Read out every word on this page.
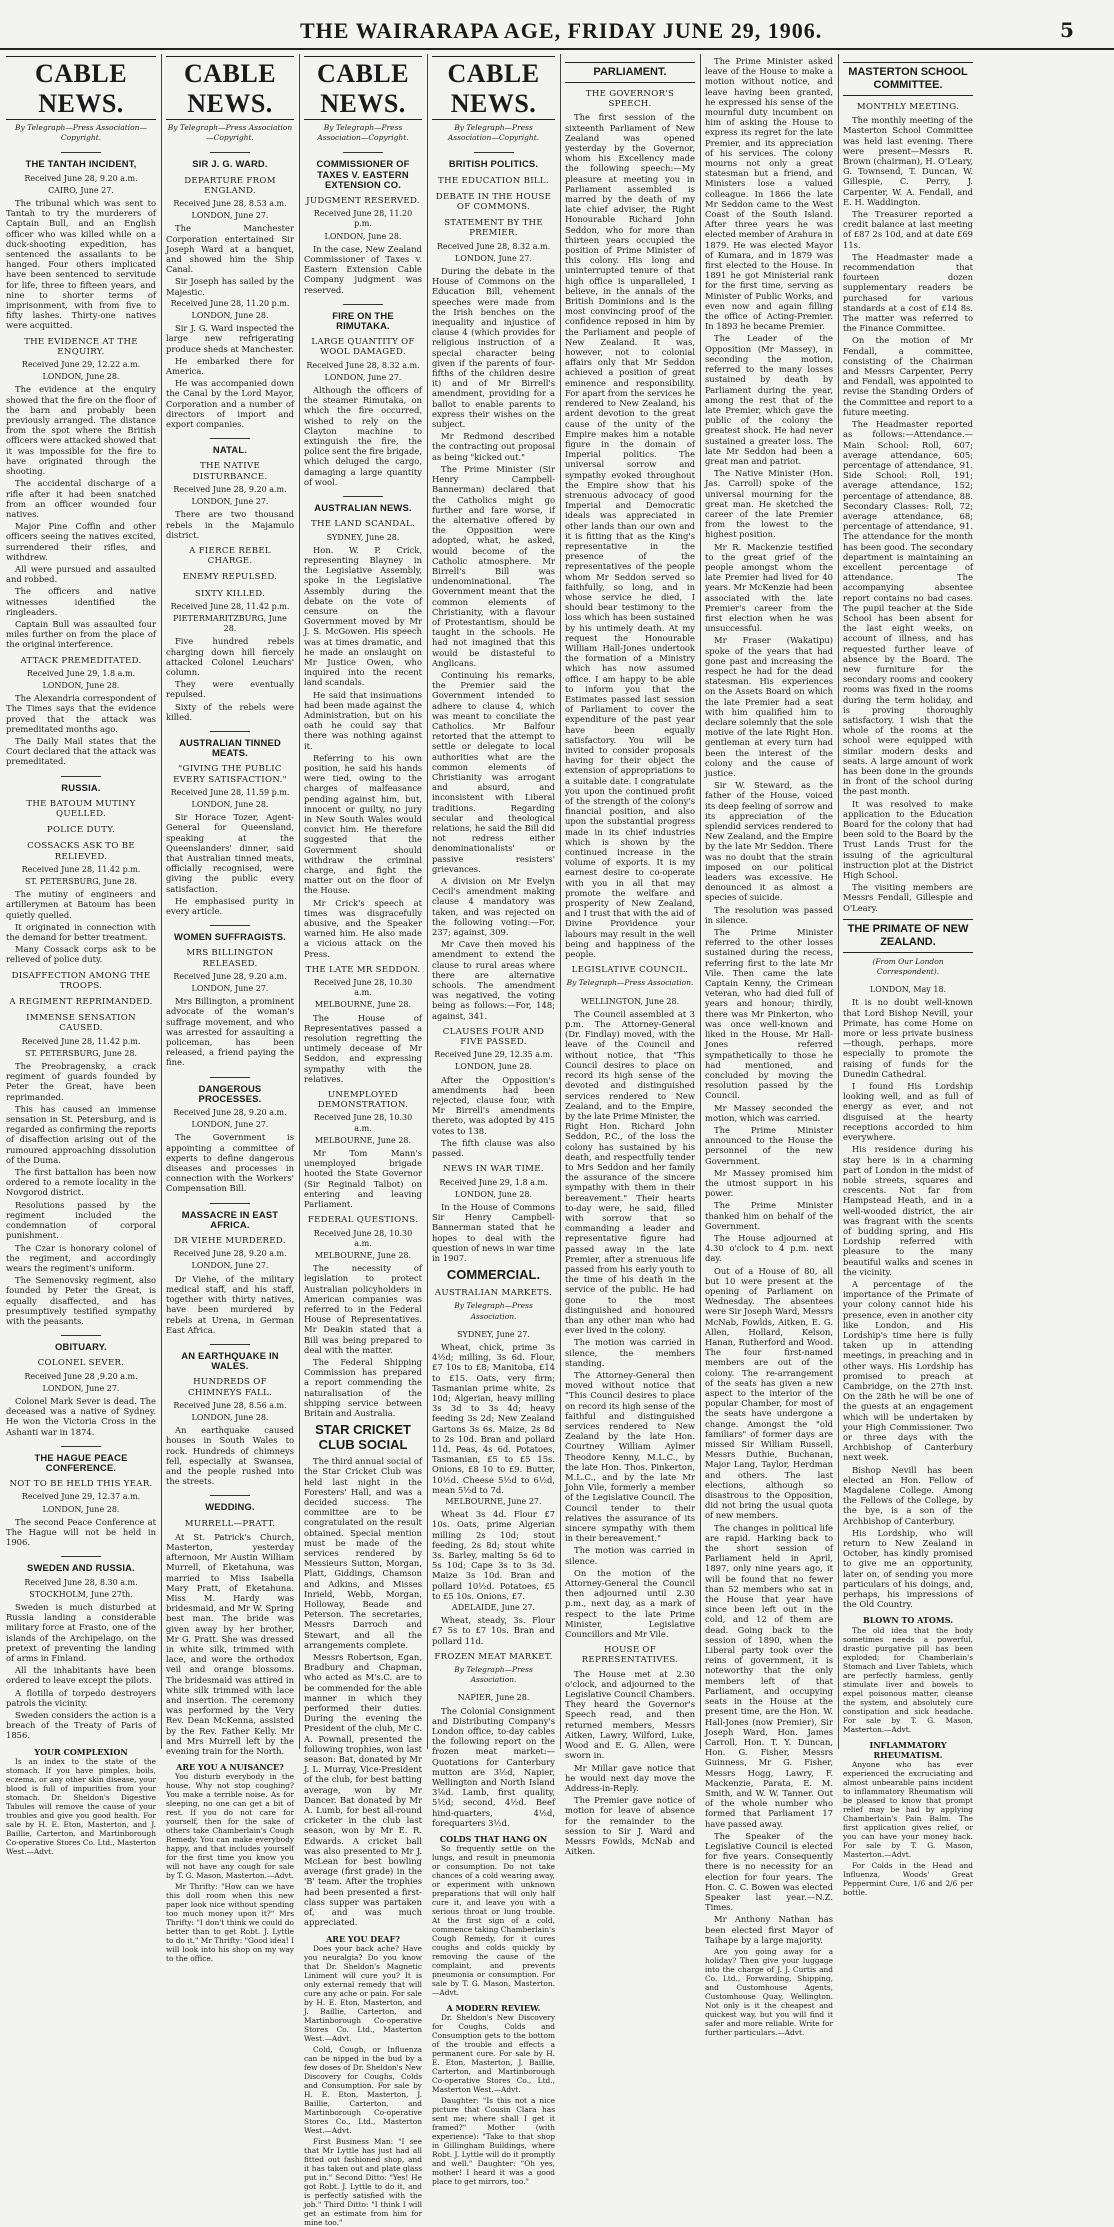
THE WAIRARAPA AGE, FRIDAY JUNE 29, 1906.	5
CABLE NEWS.
By Telegraph—Press Association—Copyright.
THE TANTAH INCIDENT,
Received June 28, 9.20 a.m.
CAIRO, June 27.

The tribunal which was sent to Tantah to try the murderers of Captain Bull, and an English officer who was killed while on a duck-shooting expedition, has sentenced the assailants to be hanged. Four others implicated have been sentenced to servitude for life, three to fifteen years, and nine to shorter terms of imprisonment, with from five to fifty lashes. Thirty-one natives were acquitted.

THE EVIDENCE AT THE ENQUIRY.
Received June 29, 12.22 a.m.
LONDON, June 28.

The evidence at the enquiry showed that the fire on the floor of the barn and probably been previously arranged. The distance from the spot where the British officers were attacked showed that it was impossible for the fire to have originated through the shooting.

The accidental discharge of a rifle after it had been snatched from an officer wounded four natives.

Major Pine Coffin and other officers seeing the natives excited, surrendered their rifles, and withdrew.

All were pursued and assaulted and robbed.

The officers and native witnesses identified the ringleaders.

Captain Bull was assaulted four miles further on from the place of the original interference.

ATTACK PREMEDITATED.
Received June 29, 1.8 a.m.
LONDON, June 28.

The Alexandria correspondent of The Times says that the evidence proved that the attack was premeditated months ago.

The Daily Mail states that the Court declared that the attack was premeditated.

RUSSIA.
THE BATOUM MUTINY QUELLED.
POLICE DUTY.
COSSACKS ASK TO BE RELIEVED.
Received June 28, 11.42 p.m.
ST. PETERSBURG, June 28.

The mutiny of engineers and artillerymen at Batoum has been quietly quelled.

It originated in connection with the demand for better treatment.

Many Cossack corps ask to be relieved of police duty.

DISAFFECTION AMONG THE TROOPS.
A REGIMENT REPRIMANDED.
IMMENSE SENSATION CAUSED.
Received June 28, 11.42 p.m.
ST. PETERSBURG, June 28.

The Preobragensky, a crack regiment of guards founded by Peter the Great, have been reprimanded.

This has caused an immense sensation in St. Petersburg, and is regarded as confirming the reports of disaffection arising out of the rumoured approaching dissolution of the Duma.

The first battalion has been now ordered to a remote locality in the Novgorod district.

Resolutions passed by the regiment included the condemnation of corporal punishment.

The Czar is honorary colonel of the regiment, and accordingly wears the regiment's uniform.

The Semenovsky regiment, also founded by Peter the Great, is equally disaffected, and has presumptively testified sympathy with the peasants.

OBITUARY.
COLONEL SEVER.
Received June 28 ,9.20 a.m.
LONDON, June 27.

Colonel Mark Sever is dead. The deceased was a native of Sydney. He won the Victoria Cross in the Ashanti war in 1874.

THE HAGUE PEACE CONFERENCE.
NOT TO BE HELD THIS YEAR.
Received June 29, 12.37 a.m.
LONDON, June 28.

The second Peace Conference at The Hague will not be held in 1906.

SWEDEN AND RUSSIA.
Received June 28, 8.30 a.m.
STOCKHOLM, June 27th.

Sweden is much disturbed at Russia landing a considerable military force at Frasto, one of the islands of the Archipelago, on the pretext of preventing the landing of arms in Finland.

All the inhabitants have been ordered to leave except the pilots.

A flotilla of torpedo destroyers patrols the vicinity.

Sweden considers the action is a breach of the Treaty of Paris of 1856.

YOUR COMPLEXION

Is an index to the state of the stomach. If you have pimples, boils, eczema, or any other skin disease, your blood is full of impurities from your stomach. Dr. Sheldon's Digestive Tabules will remove the cause of your troubles and give you good health. For sale by H. E. Eton, Masterton, and J. Baillie, Carterton, and Martinborough Co-operative Stores Co. Ltd., Masterton West.—Advt.

CABLE NEWS.
By Telegraph—Press Association—Copyright.
SIR J. G. WARD.
DEPARTURE FROM ENGLAND.
Received June 28, 8.53 a.m.
LONDON, June 27.

The Manchester Corporation entertained Sir Joseph Ward at a banquet, and showed him the Ship Canal.

Sir Joseph has sailed by the Majestic.

Received June 28, 11.20 p.m.
LONDON, June 28.

Sir J. G. Ward inspected the large new refrigerating produce sheds at Manchester.

He embarked there for America.

He was accompanied down the Canal by the Lord Mayor, Corporation and a number of directors of import and export companies.

NATAL.
THE NATIVE DISTURBANCE.
Received June 28, 9.20 a.m.
LONDON, June 27.

There are two thousand rebels in the Majamulo district.

A FIERCE REBEL CHARGE.
ENEMY REPULSED.
SIXTY KILLED.
Received June 28, 11.42 p.m.
PIETERMARITZBURG, June 28.

Five hundred rebels charging down hill fiercely attacked Colonel Leuchars' column.

They were eventually repulsed.

Sixty of the rebels were killed.

AUSTRALIAN TINNED MEATS.
"GIVING THE PUBLIC EVERY SATISFACTION."
Received June 28, 11.59 p.m.
LONDON, June 28.

Sir Horace Tozer, Agent-General for Queensland, speaking at the Queenslanders' dinner, said that Australian tinned meats, officially recognised, were giving the public every satisfaction.

He emphasised purity in every article.

WOMEN SUFFRAGISTS.
MRS BILLINGTON RELEASED.
Received June 28, 9.20 a.m.
LONDON, June 27.

Mrs Billington, a prominent advocate of the woman's suffrage movement, and who was arrested for assaulting a policeman, has been released, a friend paying the fine.

DANGEROUS PROCESSES.
Received June 28, 9.20 a.m.
LONDON, June 27.

The Government is appointing a committee of experts to define dangerous diseases and processes in connection with the Workers' Compensation Bill.

MASSACRE IN EAST AFRICA.
DR VIEHE MURDERED.
Received June 28, 9.20 a.m.
LONDON, June 27.

Dr Viehe, of the military medical staff, and his staff, together with thirty natives, have been murdered by rebels at Urena, in German East Africa.

AN EARTHQUAKE IN WALES.
HUNDREDS OF CHIMNEYS FALL.
Received June 28, 8.56 a.m.
LONDON, June 28.

An earthquake caused houses in South Wales to rock. Hundreds of chimneys fell, especially at Swansea, and the people rushed into the streets.

WEDDING.
MURRELL—PRATT.

At St. Patrick's Church, Masterton, yesterday afternoon, Mr Austin William Murrell, of Eketahuna, was married to Miss Isabella Mary Pratt, of Eketahuna. Miss M. Hardy was bridesmaid, and Mr W. Spring best man. The bride was given away by her brother, Mr G. Pratt. She was dressed in white silk, trimmed with lace, and wore the orthodox veil and orange blossoms. The bridesmaid was attired in white silk trimmed with lace and insertion. The ceremony was performed by the Very Rev. Dean McKenna, assisted by the Rev. Father Kelly. Mr and Mrs Murrell left by the evening train for the North.

ARE YOU A NUISANCE?

You disturb everybody in the house. Why not stop coughing? You make a terrible noise. As for sleeping, no one can get a bit of rest. If you do not care for yourself, then for the sake of others take Chamberlain's Cough Remedy. You can make everybody happy, and that includes yourself for the first time you know you will not have any cough for sale by T. G. Mason, Masterton.—Advt.

Mr Thrifty: "How can we have this doll room when this new paper look nice without spending too much money upon it?" Mrs Thrifty: "I don't think we could do better than to get Robt. J. Lyttle to do it." Mr Thrifty: "Good idea! I will look into his shop on my way to the office.

CABLE NEWS.
By Telegraph—Press Association—Copyright.
COMMISSIONER OF TAXES V. EASTERN EXTENSION CO.
JUDGMENT RESERVED.
Received June 28, 11.20 p.m.
LONDON, June 28.

In the case, New Zealand Commissioner of Taxes v. Eastern Extension Cable Company judgment was reserved.

FIRE ON THE RIMUTAKA.
LARGE QUANTITY OF WOOL DAMAGED.
Received June 28, 8.32 a.m.
LONDON, June 27.

Although the officers of the steamer Rimutaka, on which the fire occurred, wished to rely on the Clayton machine to extinguish the fire, the police sent the fire brigade, which deluged the cargo, damaging a large quantity of wool.

AUSTRALIAN NEWS.
THE LAND SCANDAL.
SYDNEY, June 28.

Hon. W. P. Crick, representing Blayney in the Legislative Assembly, spoke in the Legislative Assembly during the debate on the vote of censure on the Government moved by Mr J. S. McGowen. His speech was at times dramatic, and he made an onslaught on Mr Justice Owen, who inquired into the recent land scandals.

He said that insinuations had been made against the Administration, but on his oath he could say that there was nothing against it.

Referring to his own position, he said his hands were tied, owing to the charges of malfeasance pending against him, but, innocent or guilty, no jury in New South Wales would convict him. He therefore suggested that the Government should withdraw the criminal charge, and fight the matter out on the floor of the House.

Mr Crick's speech at times was disgracefully abusive, and the Speaker warned him. He also made a vicious attack on the Press.

THE LATE MR SEDDON.
Received June 28, 10.30 a.m.
MELBOURNE, June 28.

The House of Representatives passed a resolution regretting the untimely decease of Mr Seddon, and expressing sympathy with the relatives.

UNEMPLOYED DEMONSTRATION.
Received June 28, 10.30 a.m.
MELBOURNE, June 28.

Mr Tom Mann's unemployed brigade hooted the State Governor (Sir Reginald Talbot) on entering and leaving Parliament.

FEDERAL QUESTIONS.
Received June 28, 10.30 a.m.
MELBOURNE, June 28.

The necessity of legislation to protect Australian policyholders in American companies was referred to in the Federal House of Representatives. Mr Deakin stated that a Bill was being prepared to deal with the matter.

The Federal Shipping Commission has prepared a report commending the naturalisation of the shipping service between Britain and Australia.

STAR CRICKET CLUB SOCIAL

The third annual social of the Star Cricket Club was held last night in the Foresters' Hall, and was a decided success. The committee are to be congratulated on the result obtained. Special mention must be made of the services rendered by Messieurs Sutton, Morgan, Platt, Giddings, Chamson and Adkins, and Misses Inrield, Webb, Morgan, Holloway, Beade and Peterson. The secretaries, Messrs Darroch and Stewart, and all the arrangements complete.

Messrs Robertson, Egan, Bradbury and Chapman, who acted as M's.C. are to be commended for the able manner in which they performed their duties. During the evening the President of the club, Mr C. A. Pownall, presented the following trophies, won last season: Bat, donated by Mr J. L. Murray, Vice-President of the club, for best batting average, won by Mr Dancer. Bat donated by Mr A. Lumb, for best all-round cricketer in the club last season, won by Mr E. R. Edwards. A cricket ball was also presented to Mr J. McLean for best bowling average (first grade) in the 'B' team. After the trophies had been presented a first-class supper was partaken of, and was much appreciated.

ARE YOU DEAF?

Does your back ache? Have you neuralgia? Do you know that Dr. Sheldon's Magnetic Liniment will cure you? It is only external remedy that will cure any ache or pain. For sale by H. E. Eton, Masterton, and J. Baillie, Carterton, and Martinborough Co-operative Stores Co. Ltd., Masterton West.—Advt.

Cold, Cough, or Influenza can be nipped in the bud by a few doses of Dr. Sheldon's New Discovery for Coughs, Colds and Consumption. For sale by H. E. Eton, Masterton, J. Baillie, Carterton, and Martinborough Co-operative Stores Co., Ltd., Masterton West.—Advt.

First Business Man: "I see that Mr Lyttle has just had all fitted out fashioned shop, and it has taken out and plate glass put in." Second Ditto: "Yes! He got Robt. J. Lyttle to do it, and is perfectly satisfied with the job." Third Ditto: "I think I will get an estimate from him for mine too."

CABLE NEWS.
By Telegraph—Press Association—Copyright.
BRITISH POLITICS.
THE EDUCATION BILL.
DEBATE IN THE HOUSE OF COMMONS.
STATEMENT BY THE PREMIER.
Received June 28, 8.32 a.m.
LONDON, June 27.

During the debate in the House of Commons on the Education Bill, vehement speeches were made from the Irish benches on the inequality and injustice of clause 4 (which provides for religious instruction of a special character being given if the parents of four-fifths of the children desire it) and of Mr Birrell's amendment, providing for a ballot to enable parents to express their wishes on the subject.

Mr Redmond described the contracting out proposal as being "kicked out."

The Prime Minister (Sir Henry Campbell-Bannerman) declared that the Catholics might go further and fare worse, if the alternative offered by the Opposition were adopted, what, he asked, would become of the Catholic atmosphere. Mr Birrell's Bill was undenominational. The Government meant that the common elements of Christianity, with a flavour of Protestantism, should be taught in the schools. He had not imagined that this would be distasteful to Anglicans.

Continuing his remarks, the Premier said the Government intended to adhere to clause 4, which was meant to conciliate the Catholics. Mr Balfour retorted that the attempt to settle or delegate to local authorities what are the common elements of Christianity was arrogant and absurd, and inconsistent with Liberal traditions. Regarding secular and theological relations, he said the Bill did not redress either denominationalists' or passive resisters' grievances.

A division on Mr Evelyn Cecil's amendment making clause 4 mandatory was taken, and was rejected on the following voting:—For, 237; against, 309.

Mr Cave then moved his amendment to extend the clause to rural areas where there are alternative schools. The amendment was negatived, the voting being as follows:—For, 148; against, 341.

CLAUSES FOUR AND FIVE PASSED.
Received June 29, 12.35 a.m.
LONDON, June 28.

After the Opposition's amendments had been rejected, clause four, with Mr Birrell's amendments thereto, was adopted by 415 votes to 138.

The fifth clause was also passed.

NEWS IN WAR TIME.
Received June 29, 1.8 a.m.
LONDON, June 28.

In the House of Commons Sir Henry Campbell-Bannerman stated that he hopes to deal with the question of news in war time in 1907.

COMMERCIAL.
AUSTRALIAN MARKETS.
By Telegraph—Press Association.
SYDNEY, June 27.

Wheat, chick, prime 3s 4½d; milling, 3s 6d. Flour, £7 10s to £8; Manitoba, £14 to £15. Oats, very firm; Tasmanian prime white, 2s 10d; Algerian, heavy milling 3s 3d to 3s 4d; heavy feeding 3s 2d; New Zealand Gartons 3s 6s. Maize, 2s 8d to 2s 10d. Bran and pollard 11d. Peas, 4s 6d. Potatoes, Tasmanian, £5 to £5 15s. Onions, £8 10 to £9. Butter, 10½d. Cheese 5½d to 6½d, mean 5½d to 7d.

MELBOURNE, June 27.

Wheat 3s 4d. Flour £7 10s. Oats, prime Algerian milling 2s 10d; stout feeding, 2s 8d; stout white 3s. Barley, malting 5s 6d to 5s 10d; Cape 3s to 3s 3d. Maize 3s 10d. Bran and pollard 10½d. Potatoes, £5 to £5 10s. Onions, £7.

ADELAIDE, June 27.

Wheat, steady, 3s. Flour £7 5s to £7 10s. Bran and pollard 11d.

FROZEN MEAT MARKET.
By Telegraph—Press Association.
NAPIER, June 28.

The Colonial Consignment and Distributing Company's London office, to-day cables the following report on the frozen meat market:—Quotations for Canterbury mutton are 3½d, Napier, Wellington and North Island 3⅛d. Lamb, first quality, 5½d; second, 4½d. Beef hind-quarters, 4½d, forequarters 3½d.

COLDS THAT HANG ON

So frequently settle on the lungs, and result in pneumonia or consumption. Do not take chances of a cold wearing away, or experiment with unknown preparations that will only half cure it, and leave you with a serious throat or lung trouble. At the first sign of a cold, commence taking Chamberlain's Cough Remedy, for it cures coughs and colds quickly by removing the cause of the complaint, and prevents pneumonia or consumption. For sale by T. G. Mason, Masterton.—Advt.

A MODERN REVIEW.

Dr. Sheldon's New Discovery for Coughs, Colds and Consumption gets to the bottom of the trouble and effects a permanent cure. For sale by H. E. Eton, Masterton, J. Baillie, Carterton, and Martinborough Co-operative Stores Co., Ltd., Masterton West.—Advt.

Daughter: "Is this not a nice picture that Cousin Clara has sent me; where shall I get it framed?" Mother (with experience): "Take to that shop in Gillingham Buildings, where Robt. J. Lyttle will do it promptly and well." Daughter: "Oh yes, mother! I heard it was a good place to get mirrors, too."

PARLIAMENT.
THE GOVERNOR'S SPEECH.

The first session of the sixteenth Parliament of New Zealand was opened yesterday by the Governor, whom his Excellency made the following speech:—My pleasure at meeting you in Parliament assembled is marred by the death of my late chief adviser, the Right Honourable Richard John Seddon, who for more than thirteen years occupied the position of Prime Minister of this colony. His long and uninterrupted tenure of that high office is unparalleled, I believe, in the annals of the British Dominions and is the most convincing proof of the confidence reposed in him by the Parliament and people of New Zealand. It was, however, not to colonial affairs only that Mr Seddon achieved a position of great eminence and responsibility. For apart from the services he rendered to New Zealand, his ardent devotion to the great cause of the unity of the Empire makes him a notable figure in the domain of Imperial politics. The universal sorrow and sympathy evoked throughout the Empire show that his strenuous advocacy of good Imperial and Democratic ideals was appreciated in other lands than our own and it is fitting that as the King's representative in the presence of the representatives of the people whom Mr Seddon served so faithfully, so long, and in whose service he died, I should bear testimony to the loss which has been sustained by his untimely death. At my request the Honourable William Hall-Jones undertook the formation of a Ministry which has now assumed office. I am happy to be able to inform you that the Estimates passed last session of Parliament to cover the expenditure of the past year have been equally satisfactory. You will be invited to consider proposals having for their object the extension of appropriations to a suitable date. I congratulate you upon the continued profit of the strength of the colony's financial position, and also upon the substantial progress made in its chief industries which is shown by the continued increase in the volume of exports. It is my earnest desire to co-operate with you in all that may promote the welfare and prosperity of New Zealand, and I trust that with the aid of Divine Providence your labours may result in the well being and happiness of the people.

LEGISLATIVE COUNCIL.
By Telegraph—Press Association.
WELLINGTON, June 28.

The Council assembled at 3 p.m. The Attorney-General (Dr. Findlay) moved, with the leave of the Council and without notice, that "This Council desires to place on record its high sense of the devoted and distinguished services rendered to New Zealand, and to the Empire, by the late Prime Minister, the Right Hon. Richard John Seddon, P.C., of the loss the colony has sustained by his death, and respectfully tender to Mrs Seddon and her family the assurance of the sincere sympathy with them in their bereavement." Their hearts to-day were, he said, filled with sorrow that so commanding a leader and representative figure had passed away in the late Premier, after a strenuous life passed from his early youth to the time of his death in the service of the public. He had gone to the most distinguished and honoured than any other man who had ever lived in the colony.

The motion was carried in silence, the members standing.

The Attorney-General then moved without notice that "This Council desires to place on record its high sense of the faithful and distinguished services rendered to New Zealand by the late Hon. Courtney William Aylmer Theodore Kenny, M.L.C., by the late Hon. Thos. Pinkerton, M.L.C., and by the late Mr John Vile, formerly a member of the Legislative Council. The Council tender to their relatives the assurance of its sincere sympathy with them in their bereavement."

The motion was carried in silence.

On the motion of the Attorney-General the Council then adjourned until 2.30 p.m., next day, as a mark of respect to the late Prime Minister, Legislative Councillors and Mr Vile.

HOUSE OF REPRESENTATIVES.

The House met at 2.30 o'clock, and adjourned to the Legislative Council Chambers. They heard the Governor's Speech read, and then returned members, Messrs Aitken, Lawry, Wilford, Luke, Wood and E. G. Allen, were sworn in.

Mr Millar gave notice that he would next day move the Address-in-Reply.

The Premier gave notice of motion for leave of absence for the remainder to the session to Sir J. Ward and Messrs Fowlds, McNab and Aitken.

The Prime Minister asked leave of the House to make a motion without notice, and leave having been granted, he expressed his sense of the mournful duty incumbent on him of asking the House to express its regret for the late Premier, and its appreciation of his services. The colony mourns not only a great statesman but a friend, and Ministers lose a valued colleague. In 1866 the late Mr Seddon came to the West Coast of the South Island. After three years he was elected member of Arahura in 1879. He was elected Mayor of Kumara, and in 1879 was first elected to the House. In 1891 he got Ministerial rank for the first time, serving as Minister of Public Works, and even now and again filling the office of Acting-Premier. In 1893 he became Premier.

The Leader of the Opposition (Mr Massey), in seconding the motion, referred to the many losses sustained by death by Parliament during the year, among the rest that of the late Premier, which gave the public of the colony the greatest shock. He had never sustained a greater loss. The late Mr Seddon had been a great man and patriot.

The Native Minister (Hon. Jas. Carroll) spoke of the universal mourning for the great man. He sketched the career of the late Premier from the lowest to the highest position.

Mr R. Mackenzie testified to the great grief of the people amongst whom the late Premier had lived for 40 years. Mr McKenzie had been associated with the late Premier's career from the first election when he was unsuccessful.

Mr Fraser (Wakatipu) spoke of the years that had gone past and increasing the respect he had for the dead statesman. His experiences on the Assets Board on which the late Premier had a seat with him qualified him to declare solemnly that the sole motive of the late Right Hon. gentleman at every turn had been the interest of the colony and the cause of justice.

Sir W. Steward, as the father of the House, voiced its deep feeling of sorrow and its appreciation of the splendid services rendered to New Zealand, and the Empire by the late Mr Seddon. There was no doubt that the strain imposed on our political leaders was excessive. He denounced it as almost a species of suicide.

The resolution was passed in silence.

The Prime Minister referred to the other losses sustained during the recess, referring first to the late Mr Vile. Then came the late Captain Kenny, the Crimean veteran, who had died full of years and honour; thirdly, there was Mr Pinkerton, who was once well-known and liked in the House. Mr Hall-Jones referred sympathetically to those he had mentioned, and concluded by moving the resolution passed by the Council.

Mr Massey seconded the motion, which was carried.

The Prime Minister announced to the House the personnel of the new Government.

Mr Massey promised him the utmost support in his power.

The Prime Minister thanked him on behalf of the Government.

The House adjourned at 4.30 o'clock to 4 p.m. next day.

Out of a House of 80, all but 10 were present at the opening of Parliament on Wednesday. The absentees were Sir Joseph Ward, Messrs McNab, Fowlds, Aitken, E. G. Allen, Hollard, Kelson, Hanan, Rutherford and Wood. The four first-named members are out of the colony. The re-arrangement of the seats has given a new aspect to the interior of the popular Chamber, for most of the seats have undergone a change. Amongst the "old familiars" of former days are missed Sir William Russell, Messrs Duthie, Buchanan, Major Lang, Taylor, Herdman and others. The last elections, although so disastrous to the Opposition, did not bring the usual quota of new members.

The changes in political life are rapid. Harking back to the short session of Parliament held in April, 1897, only nine years ago, it will be found that no fewer than 52 members who sat in the House that year have since been left out in the cold, and 12 of them are dead. Going back to the session of 1890, when the Liberal party took over the reins of government, it is noteworthy that the only members left of that Parliament, and occupying seats in the House at the present time, are the Hon. W. Hall-Jones (now Premier), Sir Joseph Ward, Hon. James Carroll, Hon. T. Y. Duncan, Hon. G. Fisher, Messrs Guinness, Mr G. Fisher, Messrs Hogg, Lawry, F. Mackenzie, Parata, E. M. Smith, and W. W. Tanner. Out of the whole number who formed that Parliament 17 have passed away.

The Speaker of the Legislative Council is elected for five years. Consequently there is no necessity for an election for four years. The Hon. C. C. Bowen was elected Speaker last year.—N.Z. Times.

Mr Anthony Nathan has been elected first Mayor of Taihape by a large majority.

Are you going away for a holiday? Then give your luggage into the charge of J. J. Curtis and Co. Ltd., Forwarding, Shipping, and Customhouse Agents, Customhouse Quay, Wellington. Not only is it the cheapest and quickest way, but you will find it safer and more reliable. Write for further particulars.—Advt.

MASTERTON SCHOOL COMMITTEE.
MONTHLY MEETING.

The monthly meeting of the Masterton School Committee was held last evening. There were present—Messrs R. Brown (chairman), H. O'Leary, G. Townsend, T. Duncan, W. Gillespie, C. Perry, J. Carpenter, W. A. Fendall, and E. H. Waddington.

The Treasurer reported a credit balance at last meeting of £87 2s 10d, and at date £69 11s.

The Headmaster made a recommendation that fourteen dozen supplementary readers be purchased for various standards at a cost of £14 8s. The matter was referred to the Finance Committee.

On the motion of Mr Fendall, a committee, consisting of the Chairman and Messrs Carpenter, Perry and Fendall, was appointed to revise the Standing Orders of the Committee and report to a future meeting.

The Headmaster reported as follows:—Attendance.—Main School: Roll, 607; average attendance, 605; percentage of attendance, 91. Side School: Roll, 191; average attendance, 152; percentage of attendance, 88. Secondary Classes: Roll, 72; average attendance, 68; percentage of attendance, 91. The attendance for the month has been good. The secondary department is maintaining an excellent percentage of attendance. The accompanying absentee report contains no bad cases. The pupil teacher at the Side School has been absent for the last eight weeks, on account of illness, and has requested further leave of absence by the Board. The new furniture for the secondary rooms and cookery rooms was fixed in the rooms during the term holiday, and is proving thoroughly satisfactory. I wish that the whole of the rooms at the school were equipped with similar modern desks and seats. A large amount of work has been done in the grounds in front of the school during the past month.

It was resolved to make application to the Education Board for the colony that had been sold to the Board by the Trust Lands Trust for the issuing of the agricultural instruction plot at the District High School.

The visiting members are Messrs Fendall, Gillespie and O'Leary.

THE PRIMATE OF NEW ZEALAND.
(From Our London Correspondent).
LONDON, May 18.

It is no doubt well-known that Lord Bishop Nevill, your Primate, has come Home on more or less private business—though, perhaps, more especially to promote the raising of funds for the Dunedin Cathedral.

I found His Lordship looking well, and as full of energy as ever, and not disguised at the hearty receptions accorded to him everywhere.

His residence during his stay here is in a charming part of London in the midst of noble streets, squares and crescents. Not far from Hampstead Heath, and in a well-wooded district, the air was fragrant with the scents of budding spring, and His Lordship referred with pleasure to the many beautiful walks and scenes in the vicinity.

A percentage of the importance of the Primate of your colony cannot hide his presence, even in another city like London, and His Lordship's time here is fully taken up in attending meetings, in preaching and in other ways. His Lordship has promised to preach at Cambridge, on the 27th inst. On the 28th he will be one of the guests at an engagement which will be undertaken by your High Commissioner. Two or three days with the Archbishop of Canterbury next week.

Bishop Nevill has been elected an Hon. Fellow of Magdalene College. Among the Fellows of the College, by the bye, is a son of the Archbishop of Canterbury.

His Lordship, who will return to New Zealand in October, has kindly promised to give me an opportunity, later on, of sending you more particulars of his doings, and, perhaps, his impressions of the Old Country.

BLOWN TO ATOMS.

The old idea that the body sometimes needs a powerful, drastic purgative pill has been exploded; for Chamberlain's Stomach and Liver Tablets, which are perfectly harmless, gently stimulate liver and bowels to expel poisonous matter, cleanse the system, and absolutely cure constipation and sick headache. For sale by T. G. Mason, Masterton.—Advt.

INFLAMMATORY RHEUMATISM.

Anyone who has ever experienced the excruciating and almost unbearable pains incident to inflammatory Rheumatism will be pleased to know that prompt relief may be had by applying Chamberlain's Pain Balm. The first application gives relief, or you can have your money back. For sale by T. G. Mason, Masterton.—Advt.

For Colds in the Head and Influenza, Woods' Great Peppermint Cure, 1/6 and 2/6 per bottle.
